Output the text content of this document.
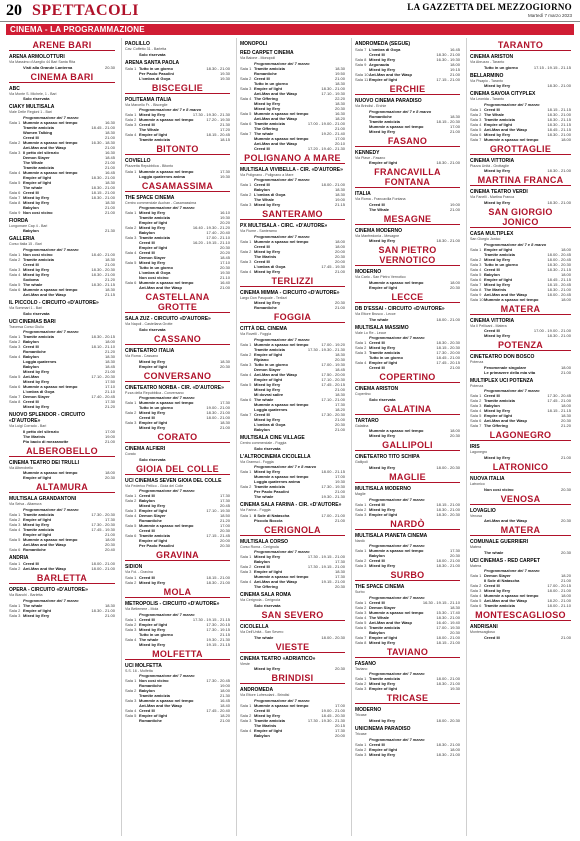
20 SPETTACOLI	LA GAZZETTA DEL MEZZOGIORNO
Martedì 7 marzo 2023
CINEMA - LA PROGRAMMAZIONE
ARENE BARI
ARENA ARMOLOTTURI
Via Massimo d'Azeglio 44 Bari Santa Rita
Visti alla Grande Lanterna	20.30
CINEMA BARI
ABC
Via Monte S. Michele, 1 - Bari
Solo riservata
CIAKY MULTISALA
Viale Delle Regioni 1 - Bari
Programmazione del 7 marzo
Sala 1 Mummie a spasso nel tempo	16.30
Tramite amicizia	18.45 - 21.00
Women Talking	18.30
Creed III	21.00
Sala 2 Mummie a spasso nel tempo	16.30 - 18.30
Ant-Man and the Wasp	21.00
Sala 3 Il petto del silenzio	16.30
Demon Slayer	18.45
The Whale	21.00
Tramite amicizia	21.00
Sala 4 Mummie a spasso nel tempo	16.45
Empire of light	18.30 - 21.00
Sala 5 Empire of light	18.30
The whale	18.30 - 21.00
Sala 6 Creed III	18.15 - 21.00
Sala 7 Mixed by Erry	18.30 - 21.00
Sala 8 Mixed by Erry	18.30
Babylon	21.00
Sala 9 Non così vicino	21.00
FIORDA
Lungomare Cap 4 - Bari
Babylon	21.30
GALLERIA
Corso Italia 15 - Bari
Programmazione del 7 marzo
Sala 1 Non così vicino	18.40 - 21.00
Sala 2 Tramite amicizia	18.30
Creed III	21.00
Sala 3 Mixed by Erry	18.30 - 20.30
Sala 4 Mixed by Erry	18.30 - 21.00
Sodoma	21.20
Sala 5 The whale	18.30 - 21.15
Sala 6 Mummie a spasso nel tempo	18.30
Ant-Man and the Wasp	21.15
IL PICCOLO - CIRCUITO «D'AUTORE»
Via Sommari 1 - Bari
Solo riservata
UCI CINEMAS BARI
Traversa Corso Giulio
Programmazione del 7 marzo
Sala 1 Tramite amicizia	18.30 - 20.15
Sala 2 Babylon	18.00
Sala 3 Creed III	18.10 - 21.10
Romantiche	21.20
Sala 4 Babylon	18.30
Loggia quaternes	18.30
Babylon	18.45
Mixed by Erry	21.00
Sala 5 Ant-Man	17.10 - 20.30
Mixed by Erry	17.50
Sala 6 Mummie a spasso nel tempo	17.10
L'ombra di Goya	21.10
Sala 7 Demon Slayer	17.40 - 20.45
Sala 8 Creed III	17.30
Mixed by Erry	21.20
NUOVO SPLENDOR - CIRCUITO «D'AUTORE»
Via Luigi Corrado - Bari
Il petto del silenzio	17.00
The Marinis	19.00
Pio bacio di mezzanotte	21.00
ALBEROBELLO
CINEMA TEATRO DEI TRULLI
Via Alberobello
Mummie a spasso nel tempo	18.00
Empire of light	20.30
ALTAMURA
MULTISALA GRANDANTONI
Via Selva - Altamura
Programmazione del 7 marzo
Sala 1 Tramite amicizia	17.30 - 20.30
Sala 2 Empire of light	17.30
Sala 3 Mixed by Erry	17.30 - 20.30
Sala 4 Tramite amicizia	17.45 - 19.30
Empire of light	21.00
Sala 5 Mummie a spasso nel tempo	18.00
Ant-Man and the Wasp	20.30
Sala 6 Romantiche	20.40
ANDRIA
Sala 1 Creed III	18.00 - 21.00
Sala 2 Ant-Man and the Wasp	18.00 - 21.00
BARLETTA
OPERA - CIRCUITO «D'AUTORE»
Via Bianchi - Barletta
Programmazione del 7 marzo
Sala 1 The whale	18.30
Sala 2 Empire of light	18.30 - 21.00
Sala 3 Mixed by Erry	21.00
PAOLILLO
Cav. Coffetto 31 - Barletta
Solo riservata
ARENA SANTA PAOLA
Sala 1 Tutto in un giorno	18.30 - 21.00
Per Paolo Pasolini	19.30
L'ombra di Goya	19.30
BISCEGLIE
POLITEAMA ITALIA
Via Marcello Fr. - Bisceglie
Programmazione del 7 e 8 marzo
Sala 1 Mixed by Erry	17.30 - 19.30 - 21.30
Sala 2 Mummie a spasso nel tempo	17.20 - 19.30
Sala 3 Creed III	21.30
The Whale	17.20
Sala 4 Empire of light	18.15 - 20.45
Tramite amicizia	18.15
BITONTO
COVIELLO
Piazzetta Repubblica - Bitonto
Sala 1 Mummie a spasso nel tempo	17.30
Loggia quaternes anima	19.30
CASAMASSIMA
THE SPACE CINEMA
Centro commerciale Auchan - Casamassima
Programmazione del 7 marzo
Sala 1 Mixed by Erry	16.10
Tramite amicizia	19.30
Empire of light	20.20
Sala 2 Mixed by Erry	16.40 - 19.30 - 21.20
Babylon	17.40 - 20.40
Sala 3 Tramite amicizia	17.00 - 21.10
Creed III	16.20 - 19.15 - 21.10
Empire of light	20.30
Sala 4 Creed III	20.20
Demon Slayer	18.45
Sala 5 Mixed by Erry	17.10
Tutto in un giorno	20.30
L'ombra di Goya	19.30
Non così vicino	21.10
Sala 6 Mummie a spasso nel tempo	16.40
Ant-Man and the Wasp	21.00
CASTELLANA GROTTE
SALA ZUZ - CIRCUITO «D'AUTORE»
Via Napoli - Castellana Grotte
Solo riservata
CASSANO
CINETEATRO ITALIA
Via Roma - Cassano
Mixed by Erry	18.30
Empire of light	20.30
CONVERSANO
CINETEATRO NORBA - CIR. «D'AUTORE»
P.zza della Repubblica - Conversano
Programmazione del 7 marzo
Sala 1 Mummie a spasso nel tempo	17.30
Tutto in un giorno	19.00 - 21.00
Sala 2 Mixed by Erry	18.30 - 21.00
Creed III	18.00 - 21.00
Sala 3 Empire of light	18.30
Mixed by Erry	21.00
CORATO
CINEMA ALFIERI
Corato
Solo riservata
GIOIA DEL COLLE
UCI CINEMAS SEVEN GIOIA DEL COLLE
Via Federico Pellico - Gioia del Colle
Programmazione del 7 marzo
Sala 1 Creed III	17.30
Sala 2 Babylon	17.30
Mixed by Erry	20.45
Sala 3 Empire of light	17.10 - 19.30
Sala 4 Demon Slayer	18.50
Romantiche	21.20
Sala 5 Mummie a spasso nel tempo	17.00
Creed III	20.30
Sala 6 Tramite amicizia	17.15 - 21.45
Empire of light	20.00
Per Paolo Pasolini	20.30
GRAVINA
SIDION
Via Fol. - Gravina
Sala 1 Creed III	18.15 - 21.00
Sala 2 Mixed by Erry	18.30 - 21.00
MOLA
METROPOLIS - CIRCUITO «D'AUTORE»
Via Betlemme - Mola
Programmazione del 7 marzo
Sala 1 Creed III	17.30 - 19.15 - 21.15
Sala 2 Empire of light	17.30 - 20.15
Sala 3 Mixed by Erry	17.30 - 19.15
Tutto in un giorno	21.15
Sala 4 The whale	19.30 - 21.30
Mixed by Erry	19.15 - 21.15
MOLFETTA
UCI MOLFETTA
S.S. 16 - Molfetta
Programmazione del 7 marzo
Sala 1 Non così vicino	17.30 - 20.45
Romantiche	19.00
Sala 2 Babylon	18.00
Tramite amicizia	21.30
Sala 3 Mummie a spasso nel tempo	16.45
Ant-Man and the Wasp	18.40
Sala 4 Creed III	17.45 - 20.40
Sala 5 Empire of light	18.20
Romantiche	21.00
MONOPOLI
RED CARPET CINEMA
Via Baione - Monopoli
Programmazione del 7 marzo
Sala 1 Tramite amicizia	18.30
Romantiche	19.50
Sala 2 Creed III	21.00
Tutto in un giorno	18.30
Sala 3 Empire of light	18.30 - 21.00
Ant-Man and the Wasp	17.10 - 19.30
Sala 4 The Offering	22.20
Mixed by Erry	18.30
Mixed by Erry	20.30
Sala 5 Mummie a spasso nel tempo	16.30
Ant-Man and the Wasp	18.20
Sala 6 Tramite amicizia	17.00 - 19.00 - 21.00
The Offering	21.00
Sala 7 The whale	19.20 - 21.40
Mummie a spasso nel tempo	17.00
Ant-Man and the Wasp	20.10
Creed III	17.20 - 19.40 - 21.30
POLIGNANO A MARE
MULTISALA VIVIBELLA - CIR. «D'AUTORE»
Via Polignano - Polignano a Mare
Programmazione del 7 marzo
Sala 1 Creed III	18.00 - 21.00
Babylon	18.30
Sala 2 L'ombra di Goya	18.30
The Whale	19.00
Sala 3 Mixed by Erry	21.15
SANTERAMO
PX MULTISALA - CIRC. «D'AUTORE»
Via Fiume - Santeramo
Programmazione del 7 marzo
Sala 1 Mummie a spasso nel tempo	18.00
Creed III	18.00
Sala 2 Mixed by Erry	20.00
The Marinis	20.30
Sala 3 Creed III	20.00
L'ombra di Goya	17.45 - 19.30
Sala 4 Mixed by Erry	21.00
TERLIZZI
CINEMA MIMMA - CIRCUITO «D'AUTORE»
Largo Don Pasquale - Terlizzi
Mixed by Erry	20.30
Romantiche	21.00
FOGGIA
CITTÀ DEL CINEMA
Via Rovelli - Foggia
Programmazione del 7 marzo
Sala 1 Mummie a spasso nel tempo	17.00 - 19.20
Tramite amicizia	17.30 - 19.30 - 21.30
Sala 2 Empire of light	18.30
Ripiano	20.30
Sala 3 Tutto in un giorno	17.00 - 19.30
Demon Slayer	18.45
Sala 4 Ant-Man and the Wasp	17.50 - 20.00
Empire of light	17.10 - 20.30
Sala 5 Mixed by Erry	17.45 - 20.15
Mixed by Erry	21.00
Mi dovrai salire	18.30
Sala 6 The whale	17.10 - 21.00
Mummie a spasso nel tempo	17.30
Loggia quaternes	18.20
Sala 7 Creed III	17.30 - 20.30
Mixed by Erry	21.00
L'ombra di Goya	20.30
Babylon	21.00
MULTISALA CINE VILLAGE
Centro commerciale - Foggia
Solo riservata
L'ALTROCINEMA CICOLELLA
Via Gramsci - Foggia
Programmazione del 7 e 8 marzo
Sala 1 Mixed by Erry	18.00 - 21.15
Mummie a spasso nel tempo	17.00
Loggia quaternes anima	19.30
Sala 2 Tramite amicizia	17.30 - 19.30
Per Paolo Pasolini	21.00
The whale	19.30 - 21.30
CINEMA SALA FARINA - CIR. «D'AUTORE»
Via Farina - Foggia
Sala 1 Il Sole di Natascha	17.00 - 21.00
Piccolo Boccia	21.00
CERIGNOLA
MULTISALA CORSO
Corso Roma - Cerignola
Programmazione del 7 marzo
Sala 1 Mixed by Erry	17.30 - 19.15 - 21.00
Babylon	17.30
Sala 2 Creed III	17.30 - 19.15 - 21.00
Sala 3 Empire of light	18.30
Mummie a spasso nel tempo	17.30
Sala 4 Ant-Man and the Wasp	19.15 - 21.00
The Offering	20.30
CINEMA SALA ROMA
Via Cerignola - Cerignola
Solo riservata
SAN SEVERO
CICOLELLA
Via Dell'Unità - San Severo
The whale	18.00 - 20.30
VIESTE
CINEMA TEATRO «ADRIATICO»
Vieste
Mixed by Erry	20.30
BRINDISI
ANDROMEDA
Via Ettore Lufresolani - Brindisi
Programmazione del 7 marzo
Sala 1 Mummie a spasso nel tempo	17.00
Creed III	19.00 - 21.00
Sala 2 Mixed by Erry	18.45 - 20.30
Sala 3 Tramite amicizia	17.30 - 19.30 - 21.30
The Marinis	20.15
Sala 4 Empire of light	17.30
Babylon	20.00
ANDROMEDA (SEGUE)
Sala 7 L'ombra di Goya	16.45
Creed III	18.30 - 21.00
Sala 8 Mixed by Erry	16.30 - 19.30
Sala 9 Argonauta	18.00
Mixed by Erry	19.15
Sala 10 Ant-Man and the Wasp	21.00
Sala 11 Empire of light	17.15 - 21.00
ERCHIE
NUOVO CINEMA PARADISO
Via Brindisi - Erchie
Programmazione del 7 e 8 marzo
Romantiche	18.30
Tramite amicizia	18.15 - 20.30
Mummie a spasso nel tempo	17.00
Mixed by Erry	21.00
FASANO
KENNEDY
Via Piave - Fasano
Empire of light	18.30 - 21.00
FRANCAVILLA FONTANA
ITALIA
Via Roma - Francavilla Fontana
Creed III	19.00
The Whale	21.00
MESAGNE
CINEMA MODERNO
Via Manfredonia - Mesagne
Mixed by Erry	18.30 - 21.00
SAN PIETRO VERNOTICO
MODERNO
Via Carlo - San Pietro Vernotico
Mummie a spasso nel tempo	18.00
Empire of light	20.30
LECCE
DB D'ESSAI - CIRCUITO «D'AUTORE»
Via Ettore Brusco - Lecce
The whale	18.00 - 21.00
MULTISALA MASSIMO
Viale Lo Re - Lecce
Programmazione del 7 marzo
Sala 1 Creed III	18.30 - 20.30
Sala 2 Mixed by Erry	18.15 - 20.30
Sala 3 Tramite amicizia	17.30 - 20.00
Tutto in un giorno	18.45 - 21.00
Sala 4 Empire of light	17.45 - 20.15
Creed III	21.00
COPERTINO
CINEMA ARISTON
Copertino
Solo riservata
GALATINA
TARTARO
Galatina
Mummie a spasso nel tempo	18.00
Mixed by Erry	20.30
GALLIPOLI
CINETEATRO TITO SCHIPA
Gallipoli
Mixed by Erry	18.00 - 20.30
MAGLIE
MULTISALA MODERNO
Maglie
Programmazione del 7 marzo
Sala 1 Creed III	18.15 - 21.00
Sala 2 Mixed by Erry	18.30 - 21.00
Sala 3 Empire of light	18.30 - 20.30
NARDÒ
MULTISALA PIANETA CINEMA
Nardò
Programmazione del 7 marzo
Sala 1 Mummie a spasso nel tempo	17.30
Babylon	20.30
Sala 2 Creed III	18.00 - 21.00
Sala 3 Mixed by Erry	18.30 - 21.00
SURBO
THE SPACE CINEMA
Surbo
Programmazione del 7 marzo
Sala 1 Creed III	16.30 - 19.15 - 21.10
Sala 2 Demon Slayer	18.30
Sala 3 Mummie a spasso nel tempo	15.30 - 17.40
Sala 4 The Whale	18.30 - 21.00
Sala 5 Ant-Man and the Wasp	16.40 - 19.40
Sala 6 Tramite amicizia	17.00 - 19.30
Babylon	20.30
Sala 7 Empire of light	18.00 - 21.00
Sala 8 Mixed by Erry	18.15 - 21.00
TAVIANO
FASANO
Taviano
Programmazione del 7 marzo
Sala 1 Tramite amicizia	18.00 - 21.00
Sala 2 Mixed by Erry	18.30 - 21.00
Sala 3 Empire of light	19.30
TRICASE
MODERNO
Tricase
Mixed by Erry	18.00 - 20.30
UNICINEMA PARADISO
Tricase
Programmazione del 7 marzo
Sala 1 Creed III	18.30 - 21.00
Sala 2 Empire of light	18.00
Sala 3 Mixed by Erry	18.30 - 21.00
TARANTO
CINEMA ARISTON
Via Abruzzo - Taranto
Tutto in un giorno	17.15 - 19.15 - 21.15
BELLARMINO
Via Pisapio - Taranto
Mixed by Erry	18.30 - 21.00
CINEMA SAVOIA CITYPLEX
Via Leonida - Taranto
Programmazione del 7 marzo
Sala 1 Creed III	18.15 - 21.15
Sala 2 The Whale	18.30 - 21.00
Sala 3 Tramite amicizia	18.30 - 21.15
Sala 4 Empire of light	18.30 - 21.15
Sala 5 Ant-Man and the Wasp	18.45 - 21.15
Sala 6 Mixed by Erry	18.30 - 21.00
Sala 7 Mummie a spasso nel tempo	18.00
GROTTAGLIE
CINEMA VITTORIA
Piazza Unità - Grottaglie
Mixed by Erry	18.30 - 21.00
MARTINA FRANCA
CINEMA TEATRO VERDI
Via Fanelli - Martina Franca
Mixed by Erry	18.30 - 21.00
SAN GIORGIO JONICO
CASA MULTIPLEX
San Giorgio Jonico
Programmazione del 7 e 8 marzo
Sala 1 Empire of light	18.00
Tramite amicizia	18.00 - 20.45
Sala 2 Mixed by Erry	18.00 - 20.45
Sala 3 Tutto in un giorno	18.30 - 20.30
Sala 4 Creed III	18.30 - 21.15
Sala 5 Babylon	18.00
Sala 6 Empire of light	18.45 - 21.15
Sala 7 Mixed by Erry	18.15 - 20.45
Sala 8 The Marinis	18.30 - 21.00
Sala 9 Ant-Man and the Wasp	18.00 - 20.45
Sala 10 Mummie a spasso nel tempo	18.00
MATERA
CINEMA VITTORIA
Via Il Pellicani - Matera
Creed III	17.00 - 19.00 - 21.00
Mixed by Erry	18.30 - 21.00
POTENZA
CINETEATRO DON BOSCO
Potenza
Fenomenale singolare	18.00
Le primavere della mia vita	21.00
MULTIPLEX UCI POTENZA
Potenza
Programmazione del 7 marzo
Sala 1 Creed III	17.30 - 20.45
Sala 2 Tramite amicizia	17.45 - 21.00
Sala 3 Babylon	18.00
Sala 4 Mixed by Erry	18.15 - 21.15
Sala 5 Empire of light	18.30
Sala 6 Ant-Man and the Wasp	20.30
Sala 7 The Offering	21.20
LAGONEGRO
IRIS
Lagonegro
Mixed by Erry	21.00
LATRONICO
NUOVA ITALIA
Latronico
Non così vicino	20.30
VENOSA
LOVAGLIO
Venosa
Ant-Man and the Wasp	20.30
MATERA
COMUNALE GUERRIERI
Matera
The whale	20.30
UCI CINEMAS - RED CARPET
Matera
Programmazione del 7 marzo
Sala 1 Demon Slayer	18.20
Il Sole di Natascha	21.00
Sala 2 Creed III	17.00 - 20.15
Sala 3 Mixed by Erry	18.00 - 21.00
Sala 4 Mummie a spasso nel tempo	18.00
Sala 5 Ant-Man and the Wasp	18.20 - 21.00
Sala 6 Tramite amicizia	18.00 - 21.10
MONTESCAGLIOSO
ANDRISANI
Montescaglioso
Creed III	21.00
